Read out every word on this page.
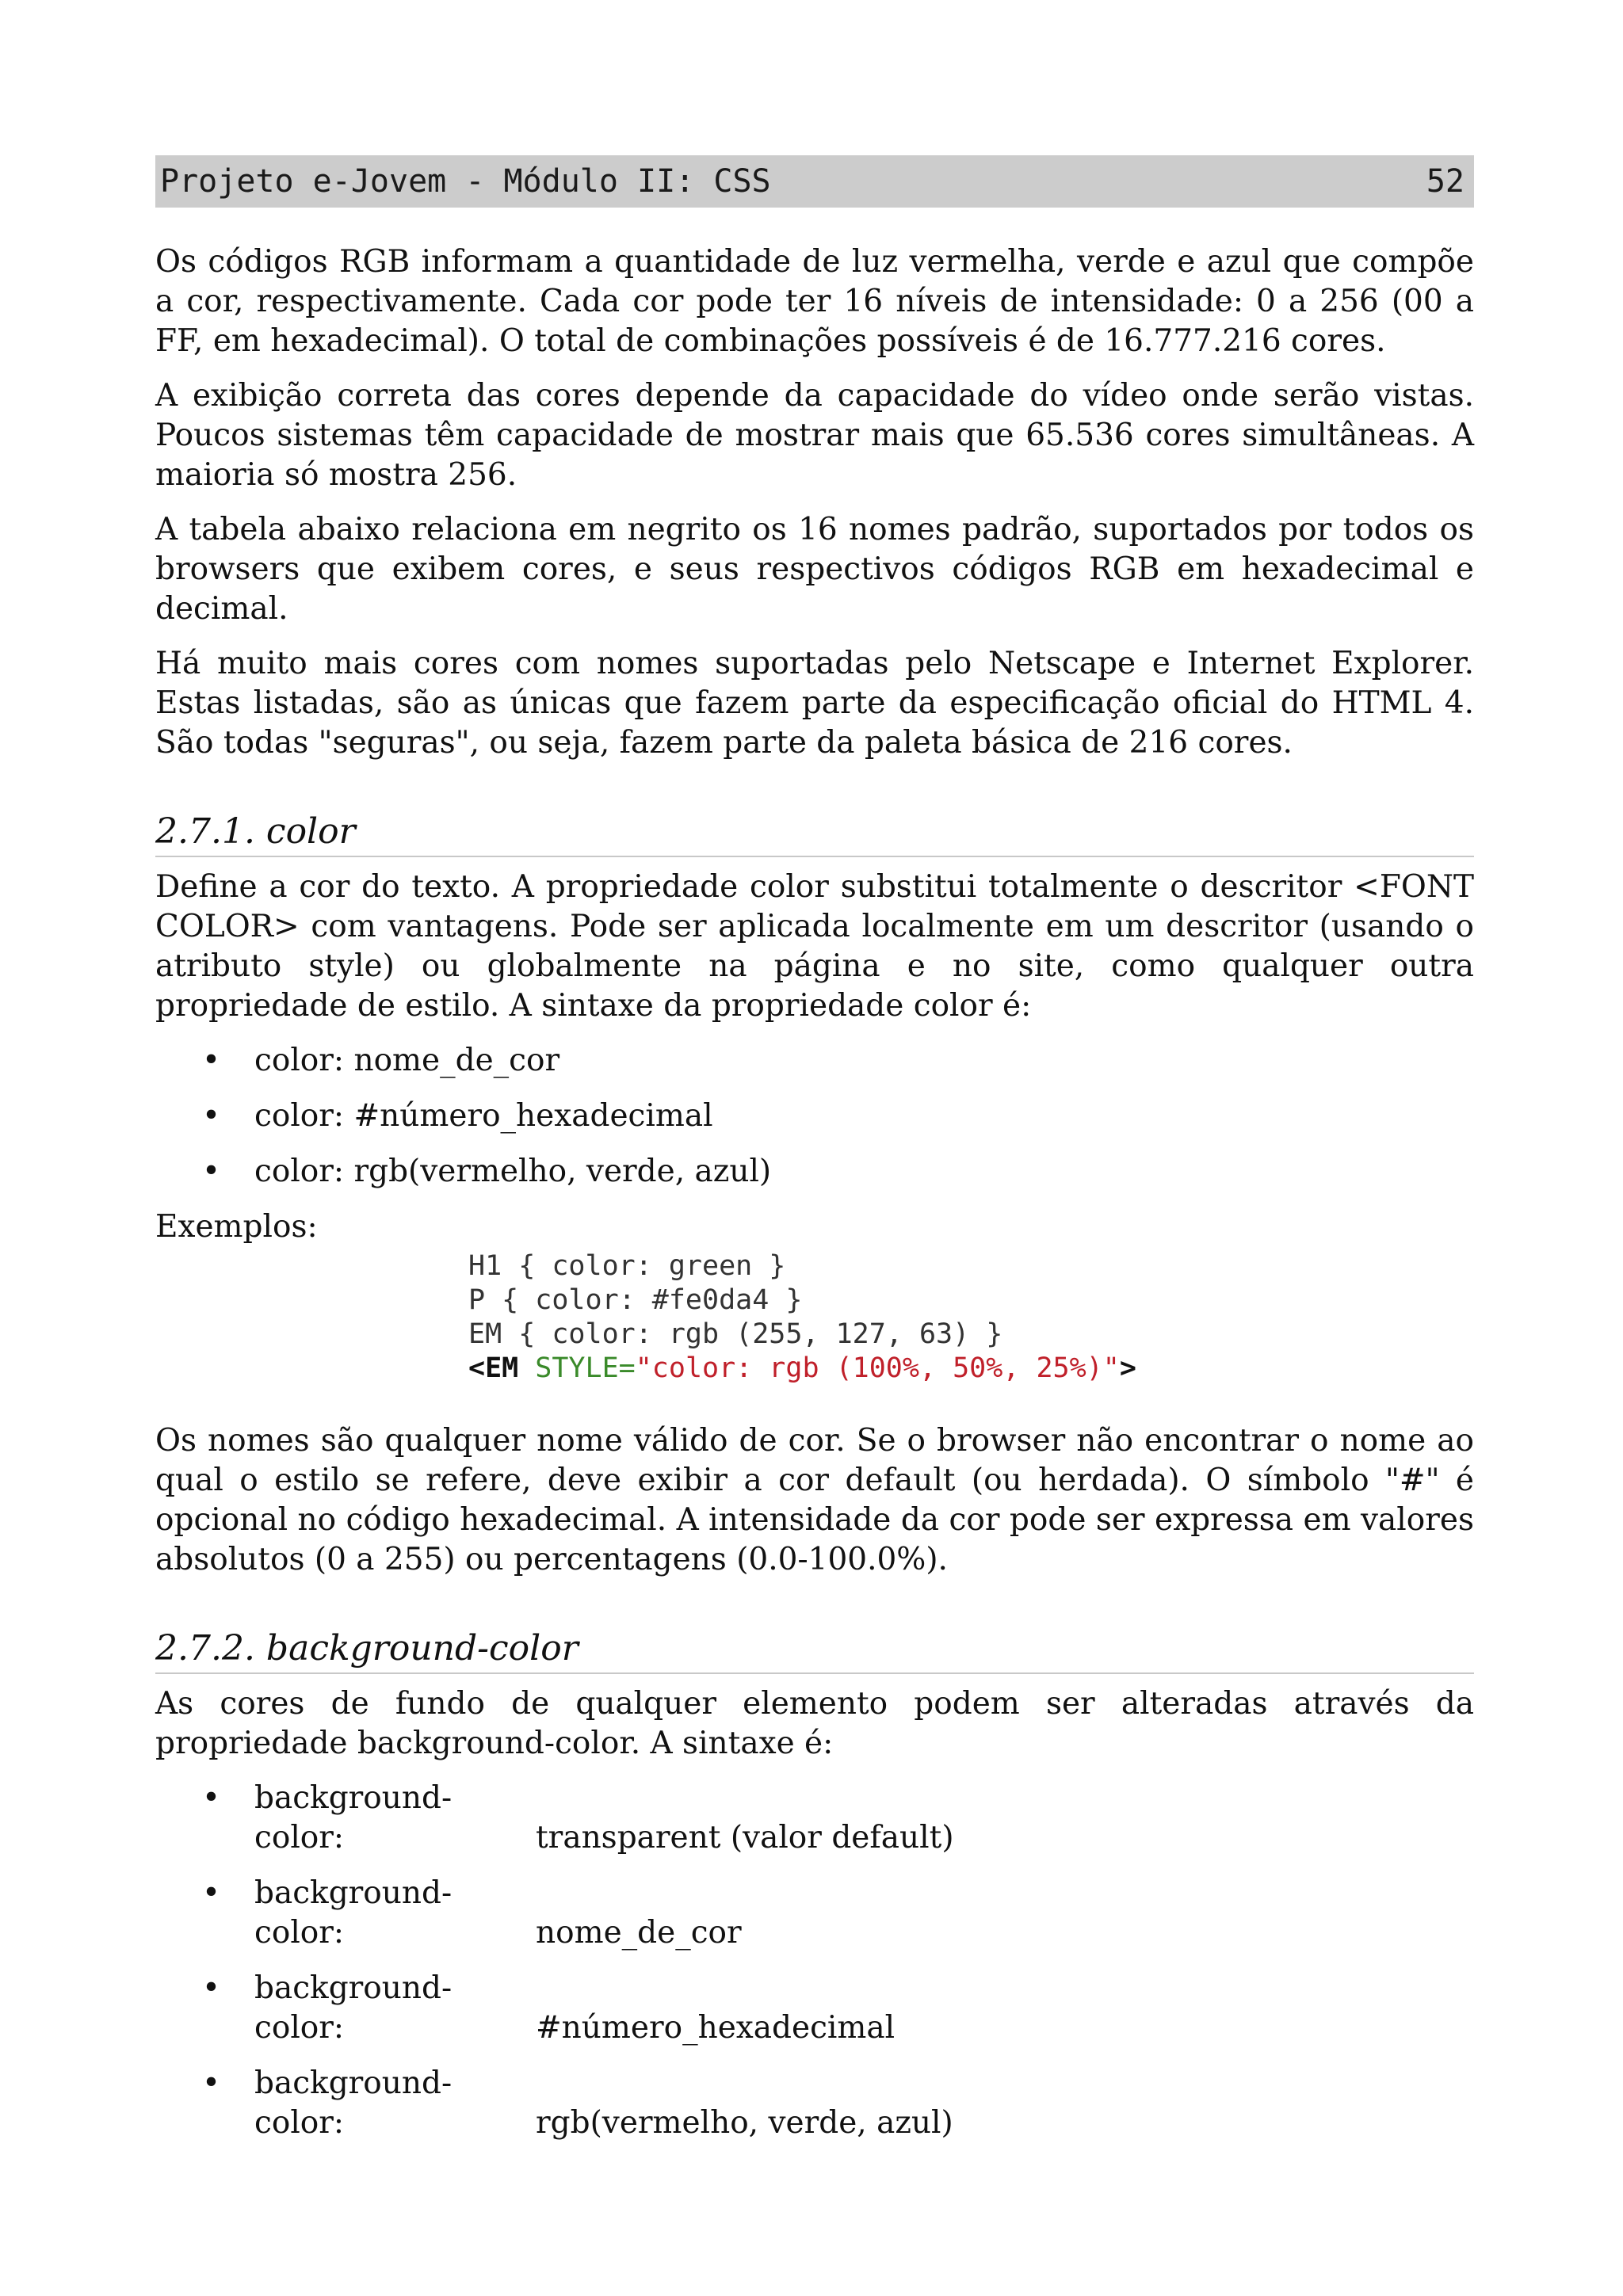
Projeto e-Jovem - Módulo II: CSS	52

Os códigos RGB informam a quantidade de luz vermelha, verde e azul que compõe a cor, respectivamente. Cada cor pode ter 16 níveis de intensidade: 0 a 256 (00 a FF, em hexadecimal). O total de combinações possíveis é de 16.777.216 cores.

A exibição correta das cores depende da capacidade do vídeo onde serão vistas. Poucos sistemas têm capacidade de mostrar mais que 65.536 cores simultâneas. A maioria só mostra 256.

A tabela abaixo relaciona em negrito os 16 nomes padrão, suportados por todos os browsers que exibem cores, e seus respectivos códigos RGB em hexadecimal e decimal.

Há muito mais cores com nomes suportadas pelo Netscape e Internet Explorer. Estas listadas, são as únicas que fazem parte da especificação oficial do HTML 4. São todas "seguras", ou seja, fazem parte da paleta básica de 216 cores.

2.7.1. color

Define a cor do texto. A propriedade color substitui totalmente o descritor <FONT COLOR> com vantagens. Pode ser aplicada localmente em um descritor (usando o atributo style) ou globalmente na página e no site, como qualquer outra propriedade de estilo. A sintaxe da propriedade color é:

• color: nome_de_cor
• color: #número_hexadecimal
• color: rgb(vermelho, verde, azul)
Exemplos:
H1 { color: green }
P { color: #fe0da4 }
EM { color: rgb (255, 127, 63) }
<EM STYLE="color: rgb (100%, 50%, 25%)">

Os nomes são qualquer nome válido de cor. Se o browser não encontrar o nome ao qual o estilo se refere, deve exibir a cor default (ou herdada). O símbolo "#" é opcional no código hexadecimal. A intensidade da cor pode ser expressa em valores absolutos (0 a 255) ou percentagens (0.0-100.0%).

2.7.2. background-color

As cores de fundo de qualquer elemento podem ser alteradas através da propriedade background-color. A sintaxe é:

• background-color:	transparent (valor default)
• background-color:	nome_de_cor
• background-color:	#número_hexadecimal
• background-color:	rgb(vermelho, verde, azul)
